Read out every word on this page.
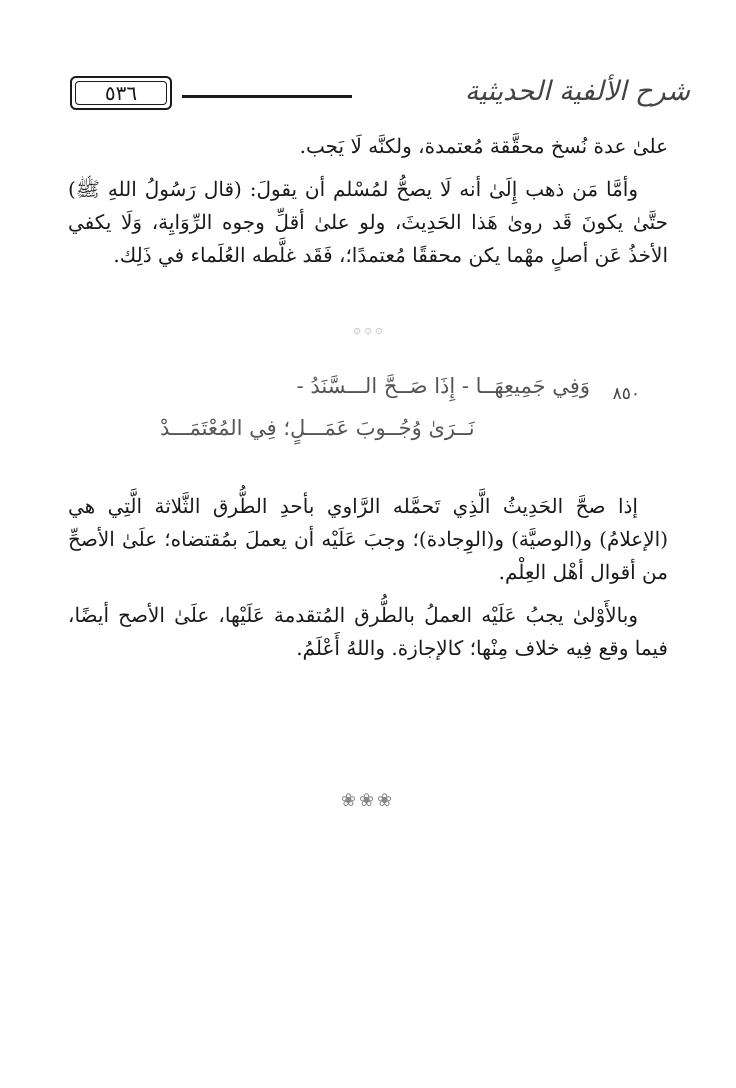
شرح الألفية الحديثية
٥٣٦

علىٰ عدة نُسخ محقَّقة مُعتمدة، ولكنَّه لَا يَجب.

وأمَّا مَن ذهب إِلَىٰ أنه لَا يصحُّ لمُسْلم أن يقولَ: (قال رَسُولُ اللهِ ﷺ) حتَّىٰ يكونَ قَد روىٰ هَذا الحَدِيثَ، ولو علىٰ أقلِّ وجوه الرِّوَايِة، وَلَا يكفي الأخذُ عَن أصلٍ مهْما يكن محققًا مُعتمدًا؛، فَقَد غلَّطه العُلَماء في ذَلِك.

۞ ۞ ۞
٨٥٠
وَفِي جَمِيعِهَــا - إِذَا صَــحَّ الـــسَّنَدُ -
نَــرَىٰ وُجُــوبَ عَمَـــلٍ؛ فِي المُعْتَمَـــدْ

إذا صحَّ الحَدِيثُ الَّذِي تَحمَّله الرَّاوي بأحدِ الطُّرق الثَّلاثة الَّتِي هي (الإعلامُ) و(الوصيَّة) و(الوِجادة)؛ وجبَ عَلَيْه أن يعملَ بمُقتضاه؛ علَىٰ الأصحِّ من أقوال أهْل العِلْم.

وبالأَوْلىٰ يجبُ عَلَيْه العملُ بالطُّرق المُتقدمة عَلَيْها، علَىٰ الأصح أيضًا، فيما وقع فِيه خلاف مِنْها؛ كالإجازة. واللهُ أَعْلَمُ.

❀❀❀
